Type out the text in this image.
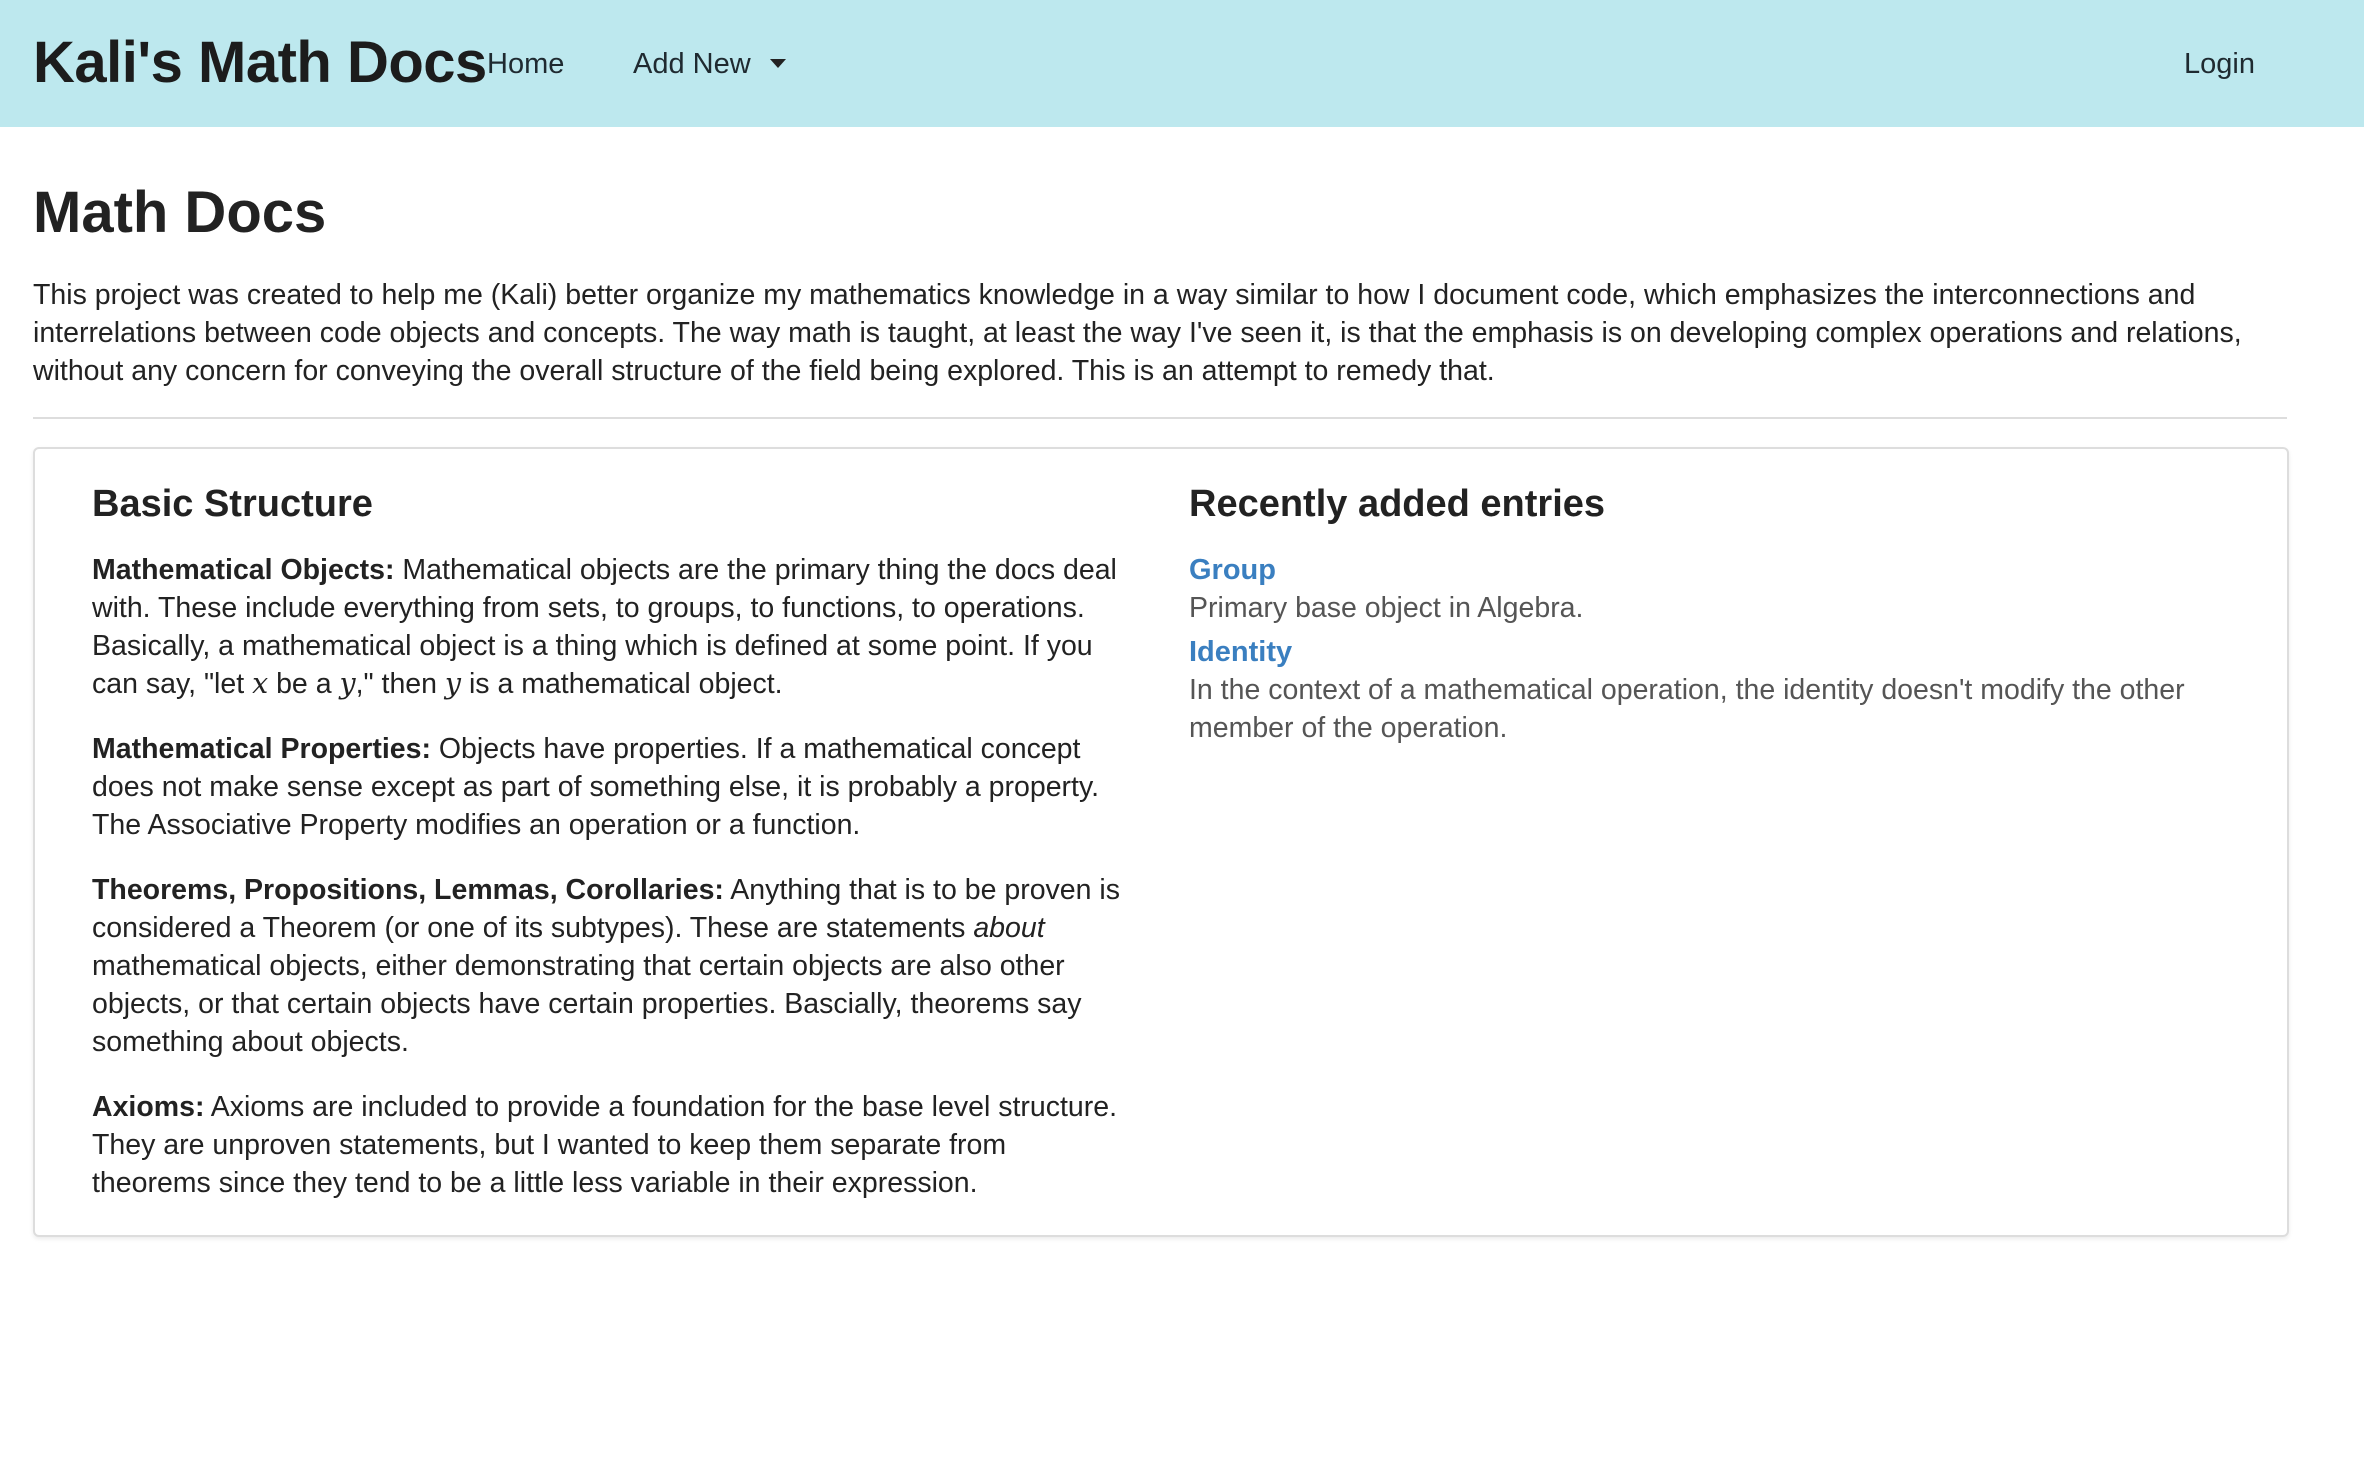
Kali's Math Docs Home Add New	Login
Math Docs

This project was created to help me (Kali) better organize my mathematics knowledge in a way similar to how I document code, which emphasizes the interconnections and interrelations between code objects and concepts. The way math is taught, at least the way I've seen it, is that the emphasis is on developing complex operations and relations, without any concern for conveying the overall structure of the field being explored. This is an attempt to remedy that.

Basic Structure

Mathematical Objects: Mathematical objects are the primary thing the docs deal with. These include everything from sets, to groups, to functions, to operations. Basically, a mathematical object is a thing which is defined at some point. If you can say, "let x be a y," then y is a mathematical object.

Mathematical Properties: Objects have properties. If a mathematical concept does not make sense except as part of something else, it is probably a property. The Associative Property modifies an operation or a function.

Theorems, Propositions, Lemmas, Corollaries: Anything that is to be proven is considered a Theorem (or one of its subtypes). These are statements about mathematical objects, either demonstrating that certain objects are also other objects, or that certain objects have certain properties. Bascially, theorems say something about objects.

Axioms: Axioms are included to provide a foundation for the base level structure. They are unproven statements, but I wanted to keep them separate from theorems since they tend to be a little less variable in their expression.

Recently added entries
Group
Primary base object in Algebra.
Identity
In the context of a mathematical operation, the identity doesn't modify the other member of the operation.
